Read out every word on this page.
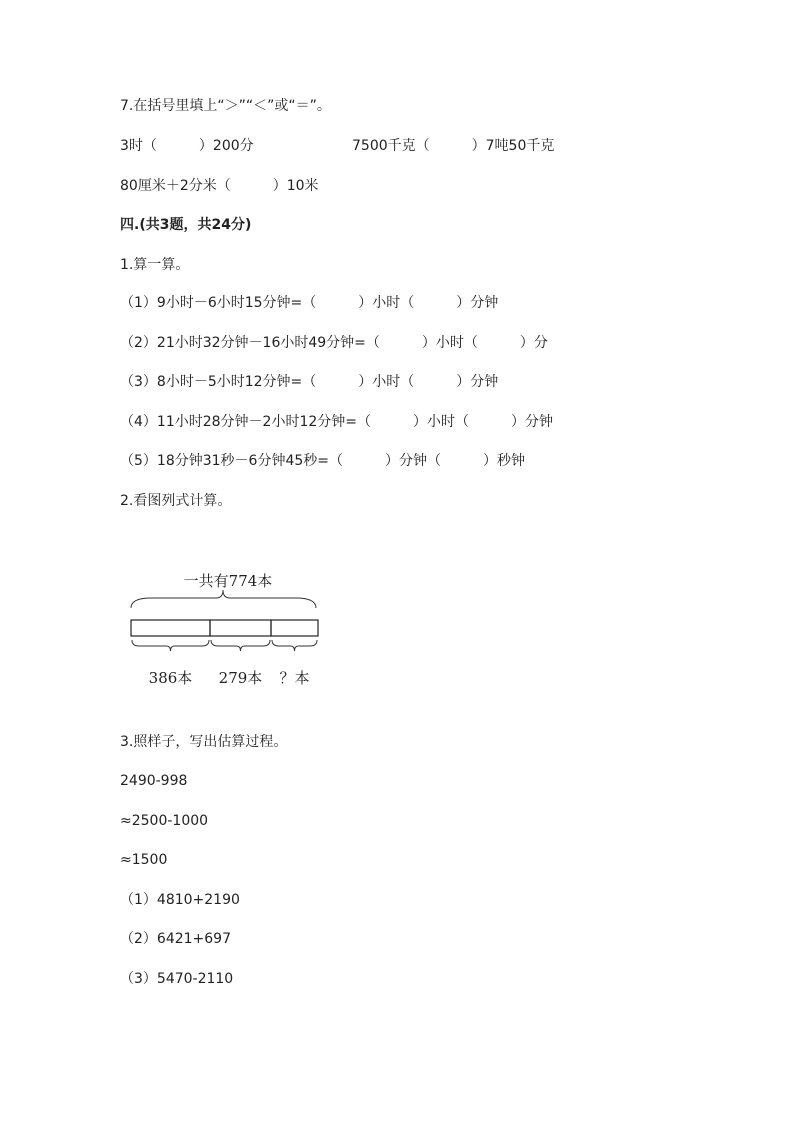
7.在括号里填上“＞”“＜”或“＝”。

3时（　　　）200分

	7500千克（　　　）7吨50千克

80厘米＋2分米（　　　）10米
四.(共3题，共24分)
1.算一算。
（1）9小时－6小时15分钟=（　　　）小时（　　　）分钟
（2）21小时32分钟－16小时49分钟=（　　　）小时（　　　）分
（3）8小时－5小时12分钟=（　　　）小时（　　　）分钟
（4）11小时28分钟－2小时12分钟=（　　　）小时（　　　）分钟
（5）18分钟31秒－6分钟45秒=（　　　）分钟（　　　）秒钟
2.看图列式计算。
一共有774本
386本 279本 ？本
3.照样子，写出估算过程。
2490-998
≈2500-1000
≈1500
（1）4810+2190
（2）6421+697
（3）5470-2110
